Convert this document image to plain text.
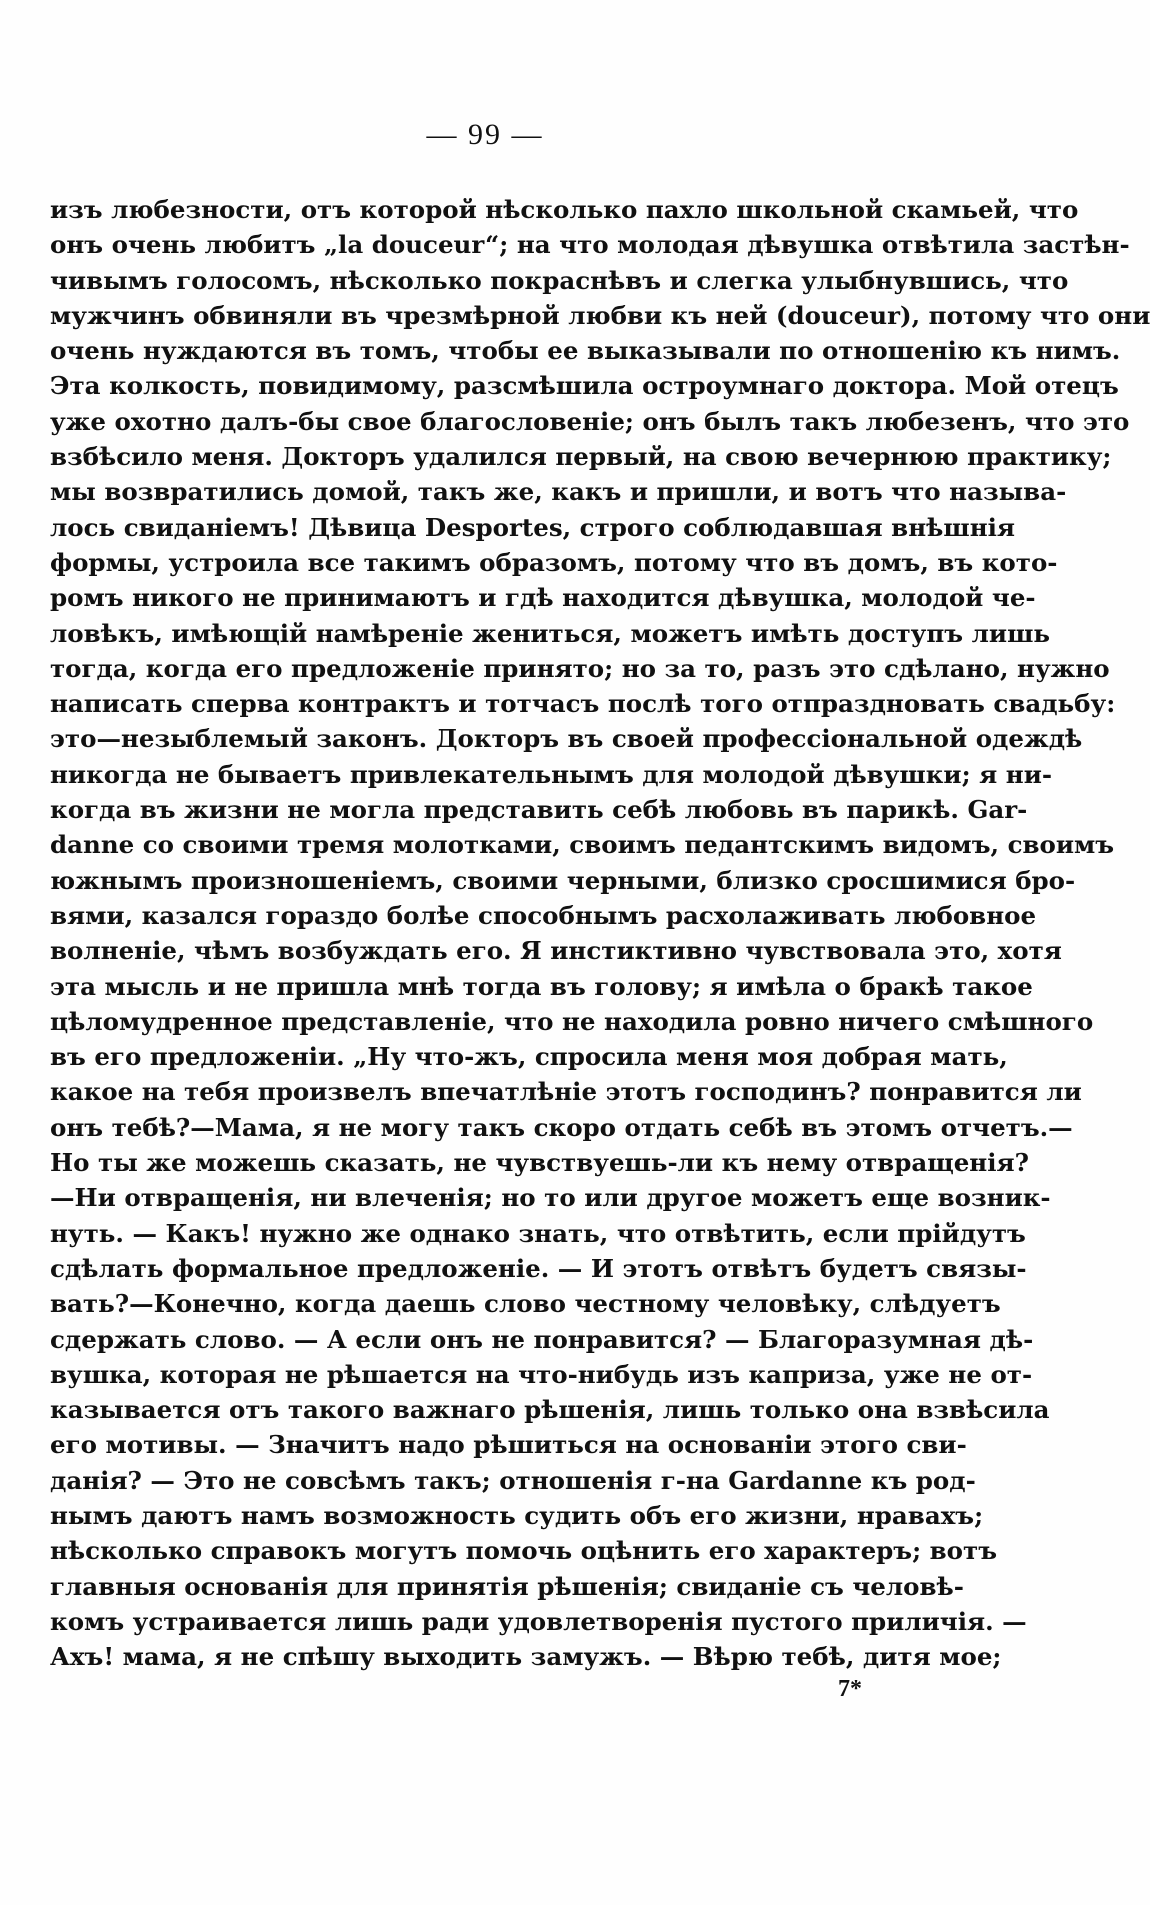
— 99 —
изъ любезности, отъ которой нѣсколько пахло школьной скамьей, что
онъ очень любитъ „la douceur“; на что молодая дѣвушка отвѣтила застѣн-
чивымъ голосомъ, нѣсколько покраснѣвъ и слегка улыбнувшись, что
мужчинъ обвиняли въ чрезмѣрной любви къ ней (douceur), потому что они
очень нуждаются въ томъ, чтобы ее выказывали по отношенію къ нимъ.
Эта колкость, повидимому, разсмѣшила остроумнаго доктора. Мой отецъ
уже охотно далъ-бы свое благословеніе; онъ былъ такъ любезенъ, что это
взбѣсило меня. Докторъ удалился первый, на свою вечернюю практику;
мы возвратились домой, такъ же, какъ и пришли, и вотъ что называ-
лось свиданіемъ! Дѣвица Desportes, строго соблюдавшая внѣшнія
формы, устроила все такимъ образомъ, потому что въ домъ, въ кото-
ромъ никого не принимаютъ и гдѣ находится дѣвушка, молодой че-
ловѣкъ, имѣющій намѣреніе жениться, можетъ имѣть доступъ лишь
тогда, когда его предложеніе принято; но за то, разъ это сдѣлано, нужно
написать сперва контрактъ и тотчасъ послѣ того отпраздновать свадьбу:
это—незыблемый законъ. Докторъ въ своей профессіональной одеждѣ
никогда не бываетъ привлекательнымъ для молодой дѣвушки; я ни-
когда въ жизни не могла представить себѣ любовь въ парикѣ. Gar-
danne со своими тремя молотками, своимъ педантскимъ видомъ, своимъ
южнымъ произношеніемъ, своими черными, близко сросшимися бро-
вями, казался гораздо болѣе способнымъ расхолаживать любовное
волненіе, чѣмъ возбуждать его. Я инстиктивно чувствовала это, хотя
эта мысль и не пришла мнѣ тогда въ голову; я имѣла о бракѣ такое
цѣломудренное представленіе, что не находила ровно ничего смѣшного
въ его предложеніи. „Ну что-жъ, спросила меня моя добрая мать,
какое на тебя произвелъ впечатлѣніе этотъ господинъ? понравится ли
онъ тебѣ?—Мама, я не могу такъ скоро отдать себѣ въ этомъ отчетъ.—
Но ты же можешь сказать, не чувствуешь-ли къ нему отвращенія?
—Ни отвращенія, ни влеченія; но то или другое можетъ еще возник-
нуть. — Какъ! нужно же однако знать, что отвѣтить, если прійдутъ
сдѣлать формальное предложеніе. — И этотъ отвѣтъ будетъ связы-
вать?—Конечно, когда даешь слово честному человѣку, слѣдуетъ
сдержать слово. — А если онъ не понравится? — Благоразумная дѣ-
вушка, которая не рѣшается на что-нибудь изъ каприза, уже не от-
казывается отъ такого важнаго рѣшенія, лишь только она взвѣсила
его мотивы. — Значитъ надо рѣшиться на основаніи этого сви-
данія? — Это не совсѣмъ такъ; отношенія г-на Gardanne къ род-
нымъ даютъ намъ возможность судить объ его жизни, нравахъ;
нѣсколько справокъ могутъ помочь оцѣнить его характеръ; вотъ
главныя основанія для принятія рѣшенія; свиданіе съ человѣ-
комъ устраивается лишь ради удовлетворенія пустого приличія. —
Ахъ! мама, я не спѣшу выходить замужъ. — Вѣрю тебѣ, дитя мое;
7*
